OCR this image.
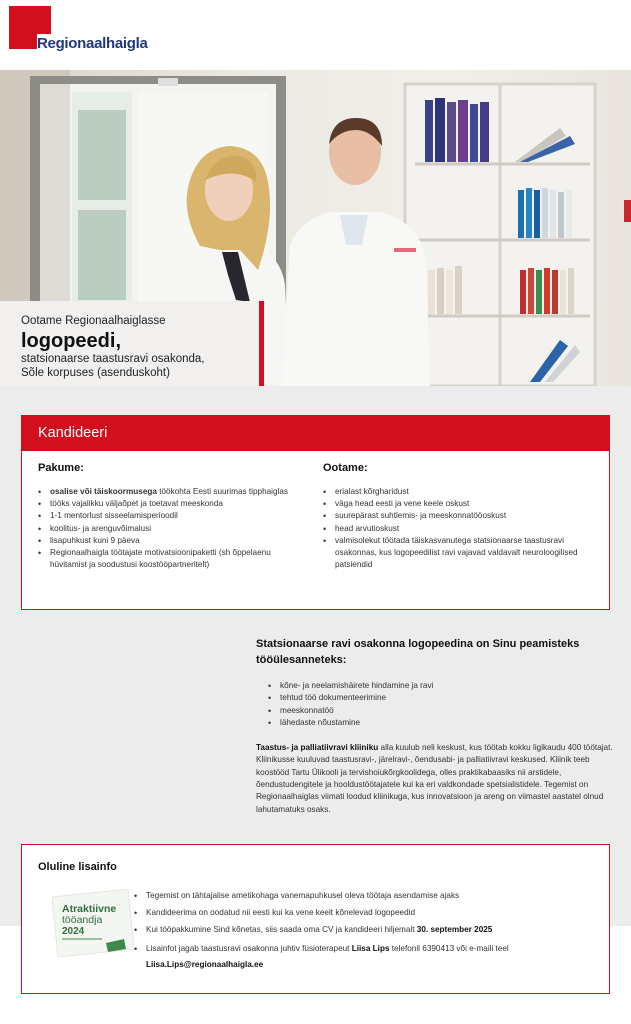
Regionaalhaigla
Ootame Regionaalhaiglasse
logopeedi,
statsionaarse taastusravi osakonda,
Sõle korpuses (asenduskoht)
Kandideeri
Pakume:
• osalise või täiskoormusega töökohta Eesti suurimas tipphaiglas
• tööks vajalikku väljaõpet ja toetavat meeskonda
• 1-1 mentorlust sisseelamisperioodil
• koolitus- ja arenguvõimalusi
• lisapuhkust kuni 9 päeva
• Regionaalhaigla töötajate motivatsioonipaketti (sh õppelaenu hüvitamist ja soodustusi koostööpartneritelt)
Ootame:
• erialast kõrgharidust
• väga head eesti ja vene keele oskust
• suurepärast suhtlemis- ja meeskonnatööoskust
• head arvutioskust
• valmisolekut töötada täiskasvanutega statsionaarse taastusravi osakonnas, kus logopeedilist ravi vajavad valdavalt neuroloogilised patsiendid
Statsionaarse ravi osakonna logopeedina on Sinu peamisteks tööülesanneteks:
• kõne- ja neelamishäirete hindamine ja ravi
• tehtud töö dokumenteerimine
• meeskonnatöö
• lähedaste nõustamine

Taastus- ja palliatiivravi kliiniku alla kuulub neli keskust, kus töötab kokku ligikaudu 400 töötajat. Kliinikusse kuuluvad taastusravi-, järelravi-, õendusabi- ja palliatiivravi keskused. Kliinik teeb koostööd Tartu Ülikooli ja tervishoiukõrgkoolidega, olles praktikabaasiks nii arstidele, õendustudengitele ja hooldustöötajatele kui ka eri valdkondade spetsialistidele. Tegemist on Regionaalhaiglas viimati loodud kliinikuga, kus innovatsioon ja areng on viimastel aastatel olnud lahutamatuks osaks.

Oluline lisainfo
Atraktiivne
tööandja
2024
• Tegemist on tähtajalise ametikohaga vanemapuhkusel oleva töötaja asendamise ajaks
• Kandideerima on oodatud nii eesti kui ka vene keelt kõnelevad logopeedid
• Kui tööpakkumine Sind kõnetas, siis saada oma CV ja kandideeri hiljemalt 30. september 2025
• Lisainfot jagab taastusravi osakonna juhtiv füsioterapeut Liisa Lips telefonil 6390413 või e-maili teel
Liisa.Lips@regionaalhaigla.ee
